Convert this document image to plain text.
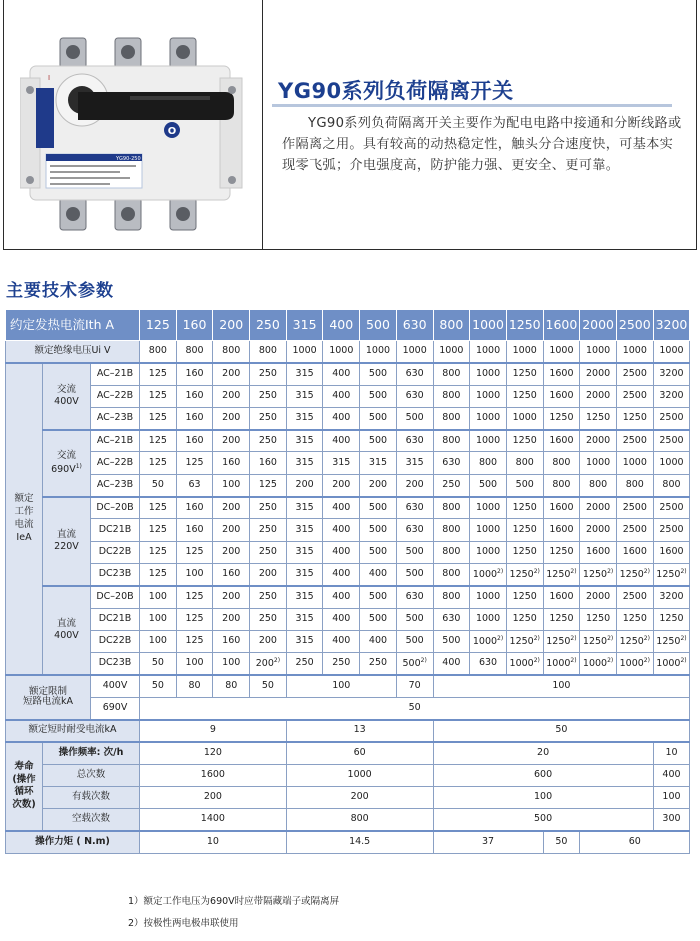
I
O
YG90-250
YG90系列负荷隔离开关
YG90系列负荷隔离开关主要作为配电电路中接通和分断线路或作隔离之用。具有较高的动热稳定性，触头分合速度快，可基本实现零飞弧；介电强度高，防护能力强、更安全、更可靠。
主要技术参数
约定发热电流Ith A			125	160	200	250	315	400	500	630	800	1000	1250	1600	2000	2500	3200
额定绝缘电压Ui V			800	800	800	800	1000	1000	1000	1000	1000	1000	1000	1000	1000	1000	1000
额定
工作
电流
IeA	交流
400V	AC–21B	125	160	200	250	315	400	500	630	800	1000	1250	1600	2000	2500	3200
		AC–22B	125	160	200	250	315	400	500	630	800	1000	1250	1600	2000	2500	3200
		AC–23B	125	160	200	250	315	400	500	500	800	1000	1000	1250	1250	1250	2500
	交流
$690V^{1)}$	AC–21B	125	160	200	250	315	400	500	630	800	1000	1250	1600	2000	2500	2500
		AC–22B	125	125	160	160	315	315	315	315	630	800	800	800	1000	1000	1000
		AC–23B	50	63	100	125	200	200	200	200	250	500	500	800	800	800	800
	直流
220V	DC–20B	125	160	200	250	315	400	500	630	800	1000	1250	1600	2000	2500	2500
		DC21B	125	160	200	250	315	400	500	630	800	1000	1250	1600	2000	2500	2500
		DC22B	125	125	200	250	315	400	500	500	800	1000	1250	1250	1600	1600	1600
		DC23B	125	100	160	200	315	400	400	500	800	1000$^{2)}$	1250$^{2)}$	1250$^{2)}$	1250$^{2)}$	1250$^{2)}$	1250$^{2)}$
	直流
400V	DC–20B	100	125	200	250	315	400	500	630	800	1000	1250	1600	2000	2500	3200
		DC21B	100	125	200	250	315	400	500	500	630	1000	1250	1250	1250	1250	1250
		DC22B	100	125	160	200	315	400	400	500	500	1000$^{2)}$	1250$^{2)}$	1250$^{2)}$	1250$^{2)}$	1250$^{2)}$	1250$^{2)}$
		DC23B	50	100	100	200$^{2)}$	250	250	250	500$^{2)}$	400	630	1000$^{2)}$	1000$^{2)}$	1000$^{2)}$	1000$^{2)}$	1000$^{2)}$
额定限制
短路电流kA		400V	50	80	80	50	100			70	100						
		690V	50														
额定短时耐受电流kA			9				13				50						
寿命
(操作
循环
次数)	操作频率: 次/h		120				60				20						10
	总次数		1600				1000				600						400
	有载次数		200				200				100						100
	空载次数		1400				800				500						300
操作力矩 ( N.m)			10				14.5				37			50	60		
1）额定工作电压为690V时应带隔藏端子或隔离屏
2）按极性两电极串联使用
